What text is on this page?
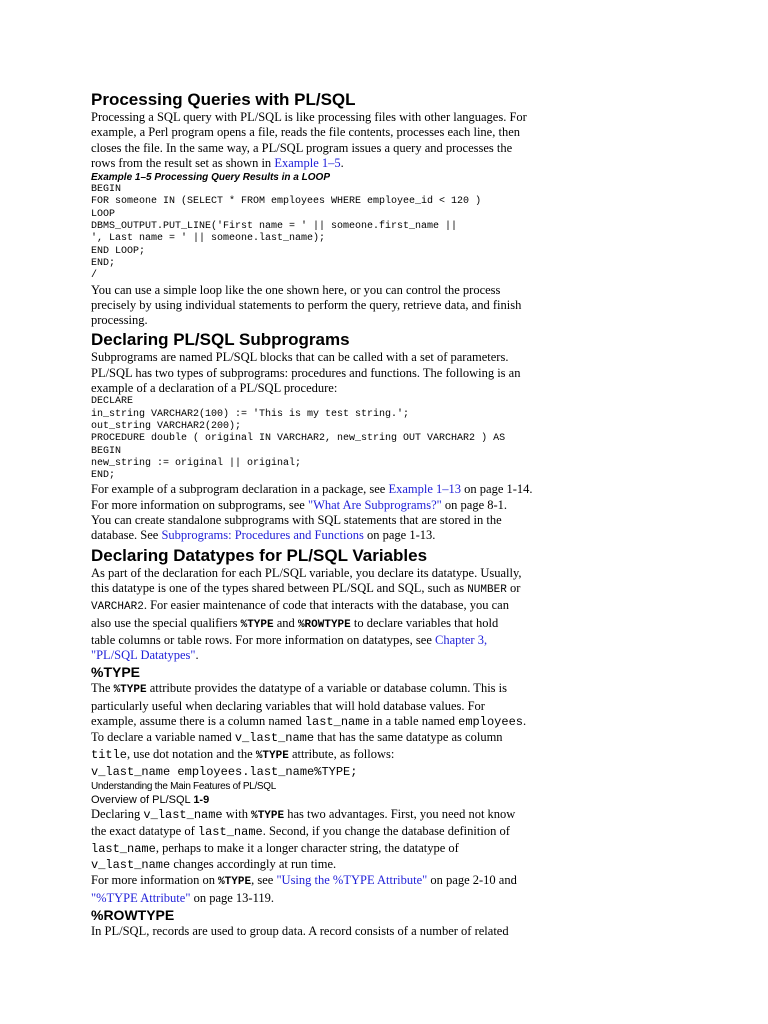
Processing Queries with PL/SQL

Processing a SQL query with PL/SQL is like processing files with other languages. For
example, a Perl program opens a file, reads the file contents, processes each line, then
closes the file. In the same way, a PL/SQL program issues a query and processes the
rows from the result set as shown in Example 1–5.

Example 1–5 Processing Query Results in a LOOP
BEGIN
FOR someone IN (SELECT * FROM employees WHERE employee_id < 120 )
LOOP
DBMS_OUTPUT.PUT_LINE('First name = ' || someone.first_name ||
', Last name = ' || someone.last_name);
END LOOP;
END;
/

You can use a simple loop like the one shown here, or you can control the process
precisely by using individual statements to perform the query, retrieve data, and finish
processing.

Declaring PL/SQL Subprograms

Subprograms are named PL/SQL blocks that can be called with a set of parameters.
PL/SQL has two types of subprograms: procedures and functions. The following is an
example of a declaration of a PL/SQL procedure:

DECLARE
in_string VARCHAR2(100) := 'This is my test string.';
out_string VARCHAR2(200);
PROCEDURE double ( original IN VARCHAR2, new_string OUT VARCHAR2 ) AS
BEGIN
new_string := original || original;
END;

For example of a subprogram declaration in a package, see Example 1–13 on page 1-14.
For more information on subprograms, see "What Are Subprograms?" on page 8-1.
You can create standalone subprograms with SQL statements that are stored in the
database. See Subprograms: Procedures and Functions on page 1-13.

Declaring Datatypes for PL/SQL Variables

As part of the declaration for each PL/SQL variable, you declare its datatype. Usually,
this datatype is one of the types shared between PL/SQL and SQL, such as NUMBER or
VARCHAR2. For easier maintenance of code that interacts with the database, you can
also use the special qualifiers %TYPE and %ROWTYPE to declare variables that hold
table columns or table rows. For more information on datatypes, see Chapter 3,
"PL/SQL Datatypes".

%TYPE

The %TYPE attribute provides the datatype of a variable or database column. This is
particularly useful when declaring variables that will hold database values. For
example, assume there is a column named last_name in a table named employees.
To declare a variable named v_last_name that has the same datatype as column
title, use dot notation and the %TYPE attribute, as follows:
v_last_name employees.last_name%TYPE;

Understanding the Main Features of PL/SQL
Overview of PL/SQL 1-9

Declaring v_last_name with %TYPE has two advantages. First, you need not know
the exact datatype of last_name. Second, if you change the database definition of
last_name, perhaps to make it a longer character string, the datatype of
v_last_name changes accordingly at run time.
For more information on %TYPE, see "Using the %TYPE Attribute" on page 2-10 and
"%TYPE Attribute" on page 13-119.

%ROWTYPE

In PL/SQL, records are used to group data. A record consists of a number of related
